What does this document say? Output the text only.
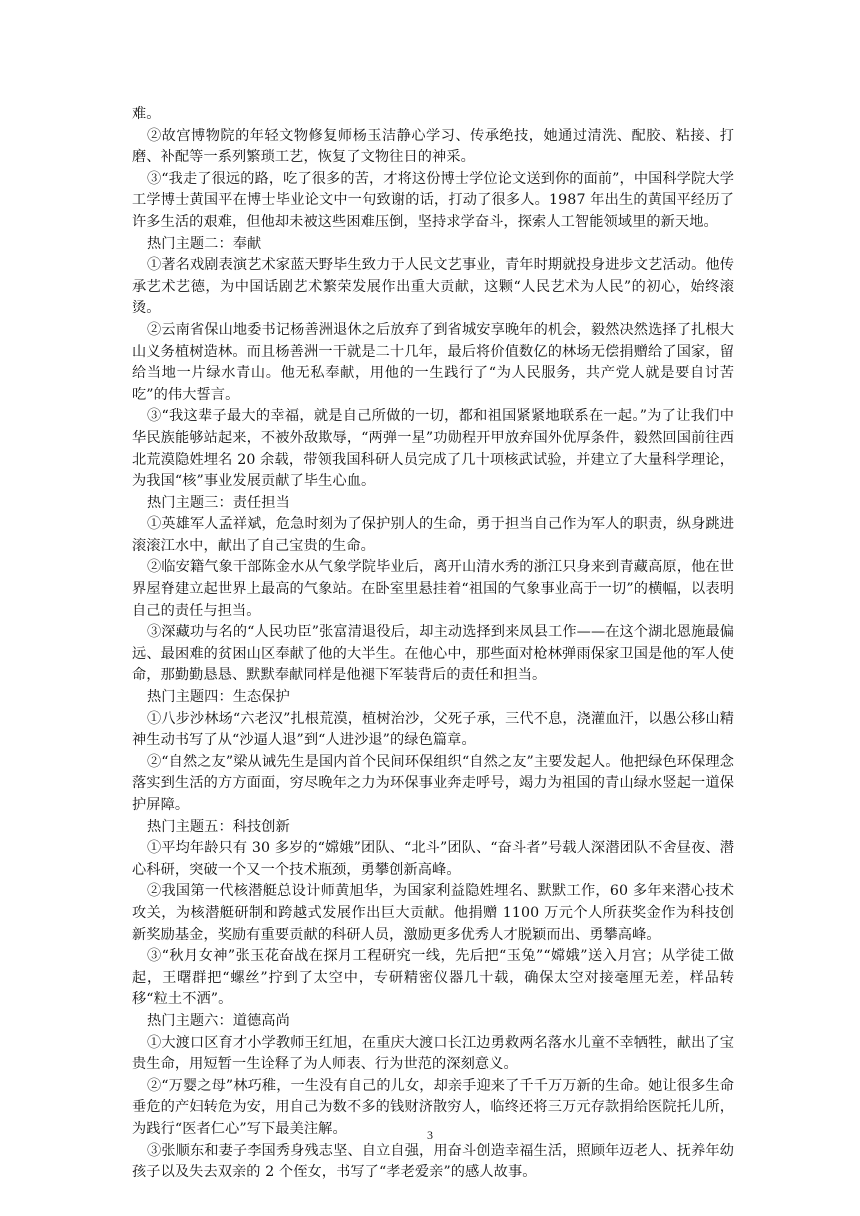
难。

②故宫博物院的年轻文物修复师杨玉洁静心学习、传承绝技，她通过清洗、配胶、粘接、打磨、补配等一系列繁琐工艺，恢复了文物往日的神采。

③“我走了很远的路，吃了很多的苦，才将这份博士学位论文送到你的面前”，中国科学院大学工学博士黄国平在博士毕业论文中一句致谢的话，打动了很多人。1987 年出生的黄国平经历了许多生活的艰难，但他却未被这些困难压倒，坚持求学奋斗，探索人工智能领域里的新天地。

热门主题二：奉献

①著名戏剧表演艺术家蓝天野毕生致力于人民文艺事业，青年时期就投身进步文艺活动。他传承艺术艺德，为中国话剧艺术繁荣发展作出重大贡献，这颗“人民艺术为人民”的初心，始终滚烫。

②云南省保山地委书记杨善洲退休之后放弃了到省城安享晚年的机会，毅然决然选择了扎根大山义务植树造林。而且杨善洲一干就是二十几年，最后将价值数亿的林场无偿捐赠给了国家，留给当地一片绿水青山。他无私奉献，用他的一生践行了“为人民服务，共产党人就是要自讨苦吃”的伟大誓言。

③“我这辈子最大的幸福，就是自己所做的一切，都和祖国紧紧地联系在一起。”为了让我们中华民族能够站起来，不被外敌欺辱，“两弹一星”功勋程开甲放弃国外优厚条件，毅然回国前往西北荒漠隐姓埋名 20 余载，带领我国科研人员完成了几十项核武试验，并建立了大量科学理论，为我国“核”事业发展贡献了毕生心血。

热门主题三：责任担当

①英雄军人孟祥斌，危急时刻为了保护别人的生命，勇于担当自己作为军人的职责，纵身跳进滚滚江水中，献出了自己宝贵的生命。

②临安籍气象干部陈金水从气象学院毕业后，离开山清水秀的浙江只身来到青藏高原，他在世界屋脊建立起世界上最高的气象站。在卧室里悬挂着“祖国的气象事业高于一切”的横幅，以表明自己的责任与担当。

③深藏功与名的“人民功臣”张富清退役后，却主动选择到来凤县工作——在这个湖北恩施最偏远、最困难的贫困山区奉献了他的大半生。在他心中，那些面对枪林弹雨保家卫国是他的军人使命，那勤勤恳恳、默默奉献同样是他褪下军装背后的责任和担当。

热门主题四：生态保护

①八步沙林场“六老汉”扎根荒漠，植树治沙，父死子承，三代不息，浇灌血汗，以愚公移山精神生动书写了从“沙逼人退”到“人进沙退”的绿色篇章。

②“自然之友”梁从诫先生是国内首个民间环保组织“自然之友”主要发起人。他把绿色环保理念落实到生活的方方面面，穷尽晚年之力为环保事业奔走呼号，竭力为祖国的青山绿水竖起一道保护屏障。

热门主题五：科技创新

①平均年龄只有 30 多岁的“嫦娥”团队、“北斗”团队、“奋斗者”号载人深潜团队不舍昼夜、潜心科研，突破一个又一个技术瓶颈，勇攀创新高峰。

②我国第一代核潜艇总设计师黄旭华，为国家利益隐姓埋名、默默工作，60 多年来潜心技术攻关，为核潜艇研制和跨越式发展作出巨大贡献。他捐赠 1100 万元个人所获奖金作为科技创新奖励基金，奖励有重要贡献的科研人员，激励更多优秀人才脱颖而出、勇攀高峰。

③“秋月女神”张玉花奋战在探月工程研究一线，先后把“玉兔”“嫦娥”送入月宫；从学徒工做起，王曙群把“螺丝”拧到了太空中，专研精密仪器几十载，确保太空对接毫厘无差，样品转移“粒土不洒”。

热门主题六：道德高尚

①大渡口区育才小学教师王红旭，在重庆大渡口长江边勇救两名落水儿童不幸牺牲，献出了宝贵生命，用短暂一生诠释了为人师表、行为世范的深刻意义。

②“万婴之母”林巧稚，一生没有自己的儿女，却亲手迎来了千千万万新的生命。她让很多生命垂危的产妇转危为安，用自己为数不多的钱财济散穷人，临终还将三万元存款捐给医院托儿所，为践行“医者仁心”写下最美注解。

③张顺东和妻子李国秀身残志坚、自立自强，用奋斗创造幸福生活，照顾年迈老人、抚养年幼孩子以及失去双亲的 2 个侄女，书写了“孝老爱亲”的感人故事。

3
